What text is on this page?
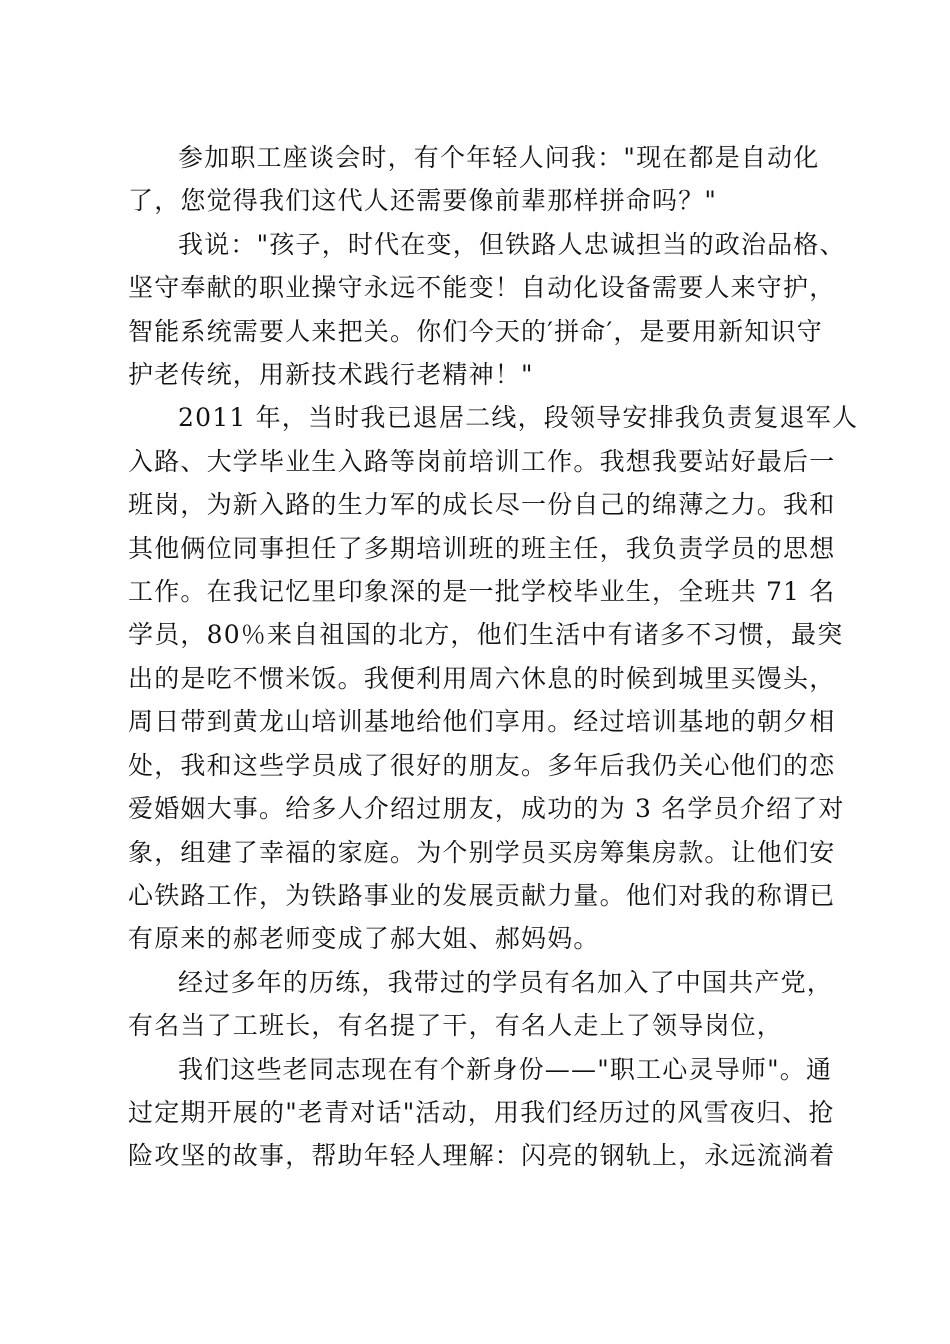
参加职工座谈会时，有个年轻人问我："现在都是自动化
了，您觉得我们这代人还需要像前辈那样拼命吗？"

我说："孩子，时代在变，但铁路人忠诚担当的政治品格、
坚守奉献的职业操守永远不能变！自动化设备需要人来守护，
智能系统需要人来把关。你们今天的′拼命′，是要用新知识守
护老传统，用新技术践行老精神！"

2011 年，当时我已退居二线，段领导安排我负责复退军人
入路、大学毕业生入路等岗前培训工作。我想我要站好最后一
班岗，为新入路的生力军的成长尽一份自己的绵薄之力。我和
其他俩位同事担任了多期培训班的班主任，我负责学员的思想
工作。在我记忆里印象深的是一批学校毕业生，全班共 71 名
学员，80％来自祖国的北方，他们生活中有诸多不习惯，最突
出的是吃不惯米饭。我便利用周六休息的时候到城里买馒头，
周日带到黄龙山培训基地给他们享用。经过培训基地的朝夕相
处，我和这些学员成了很好的朋友。多年后我仍关心他们的恋
爱婚姻大事。给多人介绍过朋友，成功的为 3 名学员介绍了对
象，组建了幸福的家庭。为个别学员买房筹集房款。让他们安
心铁路工作，为铁路事业的发展贡献力量。他们对我的称谓已
有原来的郝老师变成了郝大姐、郝妈妈。

经过多年的历练，我带过的学员有名加入了中国共产党，
有名当了工班长，有名提了干，有名人走上了领导岗位，

我们这些老同志现在有个新身份——"职工心灵导师"。通
过定期开展的"老青对话"活动，用我们经历过的风雪夜归、抢
险攻坚的故事，帮助年轻人理解：闪亮的钢轨上，永远流淌着
